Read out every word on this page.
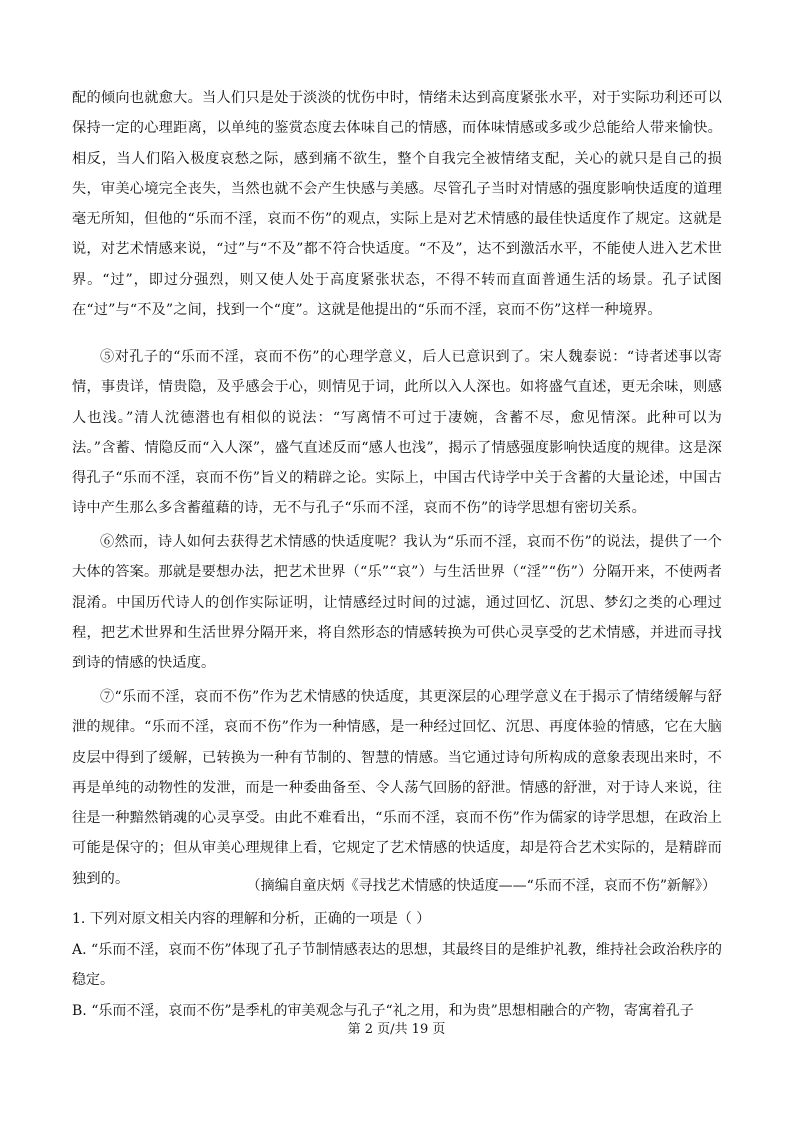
配的倾向也就愈大。当人们只是处于淡淡的忧伤中时，情绪未达到高度紧张水平，对于实际功利还可以保持一定的心理距离，以单纯的鉴赏态度去体味自己的情感，而体味情感或多或少总能给人带来愉快。相反，当人们陷入极度哀愁之际，感到痛不欲生，整个自我完全被情绪支配，关心的就只是自己的损失，审美心境完全丧失，当然也就不会产生快感与美感。尽管孔子当时对情感的强度影响快适度的道理毫无所知，但他的“乐而不淫，哀而不伤”的观点，实际上是对艺术情感的最佳快适度作了规定。这就是说，对艺术情感来说，“过”与“不及”都不符合快适度。“不及”，达不到激活水平，不能使人进入艺术世界。“过”，即过分强烈，则又使人处于高度紧张状态，不得不转而直面普通生活的场景。孔子试图在“过”与“不及”之间，找到一个“度”。这就是他提出的“乐而不淫，哀而不伤”这样一种境界。

⑤对孔子的“乐而不淫，哀而不伤”的心理学意义，后人已意识到了。宋人魏泰说：“诗者述事以寄情，事贵详，情贵隐，及乎感会于心，则情见于词，此所以入人深也。如将盛气直述，更无余味，则感人也浅。”清人沈德潜也有相似的说法：“写离情不可过于凄婉，含蓄不尽，愈见情深。此种可以为法。”含蓄、情隐反而“入人深”，盛气直述反而“感人也浅”，揭示了情感强度影响快适度的规律。这是深得孔子“乐而不淫，哀而不伤”旨义的精辟之论。实际上，中国古代诗学中关于含蓄的大量论述，中国古诗中产生那么多含蓄蕴藉的诗，无不与孔子“乐而不淫，哀而不伤”的诗学思想有密切关系。

⑥然而，诗人如何去获得艺术情感的快适度呢？我认为“乐而不淫，哀而不伤”的说法，提供了一个大体的答案。那就是要想办法，把艺术世界（“乐”“哀”）与生活世界（“淫”“伤”）分隔开来，不使两者混淆。中国历代诗人的创作实际证明，让情感经过时间的过滤，通过回忆、沉思、梦幻之类的心理过程，把艺术世界和生活世界分隔开来，将自然形态的情感转换为可供心灵享受的艺术情感，并进而寻找到诗的情感的快适度。

⑦“乐而不淫，哀而不伤”作为艺术情感的快适度，其更深层的心理学意义在于揭示了情绪缓解与舒泄的规律。“乐而不淫，哀而不伤”作为一种情感，是一种经过回忆、沉思、再度体验的情感，它在大脑皮层中得到了缓解，已转换为一种有节制的、智慧的情感。当它通过诗句所构成的意象表现出来时，不再是单纯的动物性的发泄，而是一种委曲备至、令人荡气回肠的舒泄。情感的舒泄，对于诗人来说，往往是一种黯然销魂的心灵享受。由此不难看出，“乐而不淫，哀而不伤”作为儒家的诗学思想，在政治上可能是保守的；但从审美心理规律上看，它规定了艺术情感的快适度，却是符合艺术实际的，是精辟而独到的。	（摘编自童庆炳《寻找艺术情感的快适度——“乐而不淫，哀而不伤”新解》）
1. 下列对原文相关内容的理解和分析，正确的一项是（ ）
A. “乐而不淫，哀而不伤”体现了孔子节制情感表达的思想，其最终目的是维护礼教，维持社会政治秩序的稳定。
B. “乐而不淫，哀而不伤”是季札的审美观念与孔子“礼之用，和为贵”思想相融合的产物，寄寓着孔子
第 2 页/共 19 页
